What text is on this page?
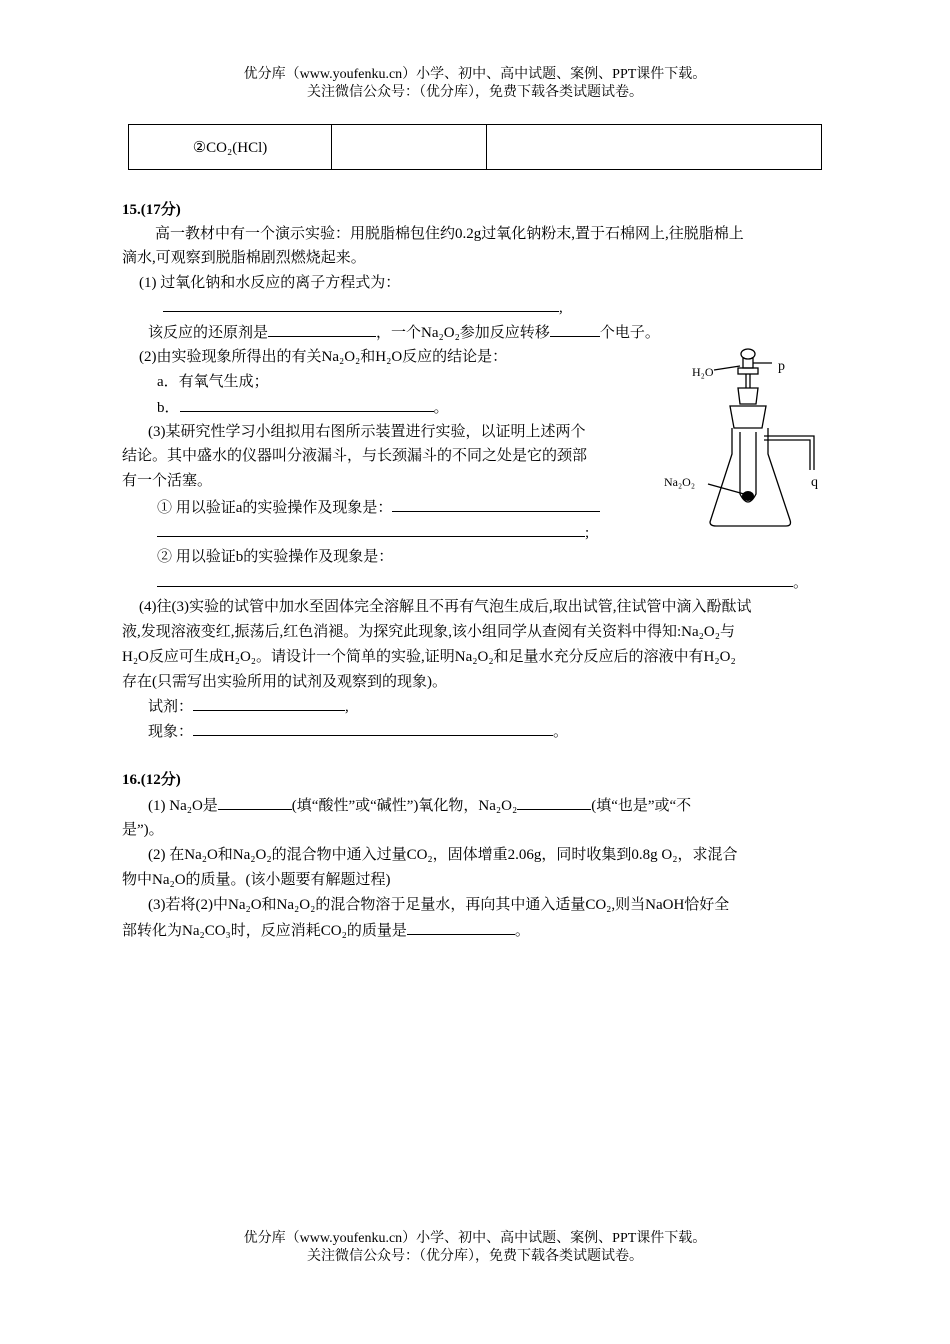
优分库（www.youfenku.cn）小学、初中、高中试题、案例、PPT课件下载。
关注微信公众号：（优分库），免费下载各类试题试卷。
②CO₂(HCl)		
15.(17分)
高一教材中有一个演示实验：用脱脂棉包住约0.2g过氧化钠粉末,置于石棉网上,往脱脂棉上
滴水,可观察到脱脂棉剧烈燃烧起来。
(1) 过氧化钠和水反应的离子方程式为：
,
该反应的还原剂是	，一个Na₂O₂参加反应转移	个电子。
(2)由实验现象所得出的有关Na₂O₂和H₂O反应的结论是：
a．有氧气生成；
b．	。
(3)某研究性学习小组拟用右图所示装置进行实验，以证明上述两个
结论。其中盛水的仪器叫分液漏斗，与长颈漏斗的不同之处是它的颈部
有一个活塞。
① 用以验证a的实验操作及现象是：
;
② 用以验证b的实验操作及现象是：
。
(4)往(3)实验的试管中加水至固体完全溶解且不再有气泡生成后,取出试管,往试管中滴入酚酞试
液,发现溶液变红,振荡后,红色消褪。为探究此现象,该小组同学从查阅有关资料中得知:Na₂O₂与
H₂O反应可生成H₂O₂。请设计一个简单的实验,证明Na₂O₂和足量水充分反应后的溶液中有H₂O₂
存在(只需写出实验所用的试剂及观察到的现象)。
试剂：	,
现象：	。
H₂O	p
q
Na₂O₂
16.(12分)
(1) Na₂O是	(填“酸性”或“碱性”)氧化物，Na₂O₂	(填“也是”或“不
是”)。
(2) 在Na₂O和Na₂O₂的混合物中通入过量CO₂，固体增重2.06g，同时收集到0.8g O₂，求混合
物中Na₂O的质量。(该小题要有解题过程)
(3)若将(2)中Na₂O和Na₂O₂的混合物溶于足量水，再向其中通入适量CO₂,则当NaOH恰好全
部转化为Na₂CO₃时，反应消耗CO₂的质量是	。
优分库（www.youfenku.cn）小学、初中、高中试题、案例、PPT课件下载。
关注微信公众号：（优分库），免费下载各类试题试卷。
